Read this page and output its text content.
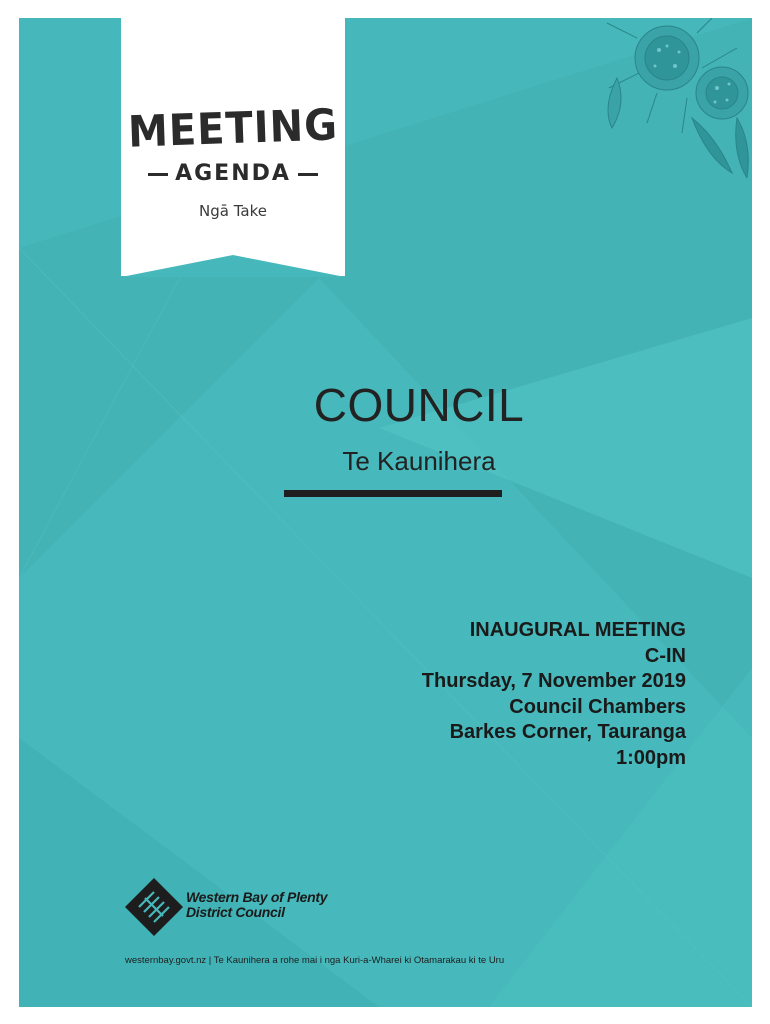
MEETING
AGENDA
Ngā Take
COUNCIL
Te Kaunihera
INAUGURAL MEETING
C-IN
Thursday, 7 November 2019
Council Chambers
Barkes Corner, Tauranga
1:00pm
Western Bay of Plenty
District Council
westernbay.govt.nz | Te Kaunihera a rohe mai i nga Kuri-a-Wharei ki Otamarakau ki te Uru
